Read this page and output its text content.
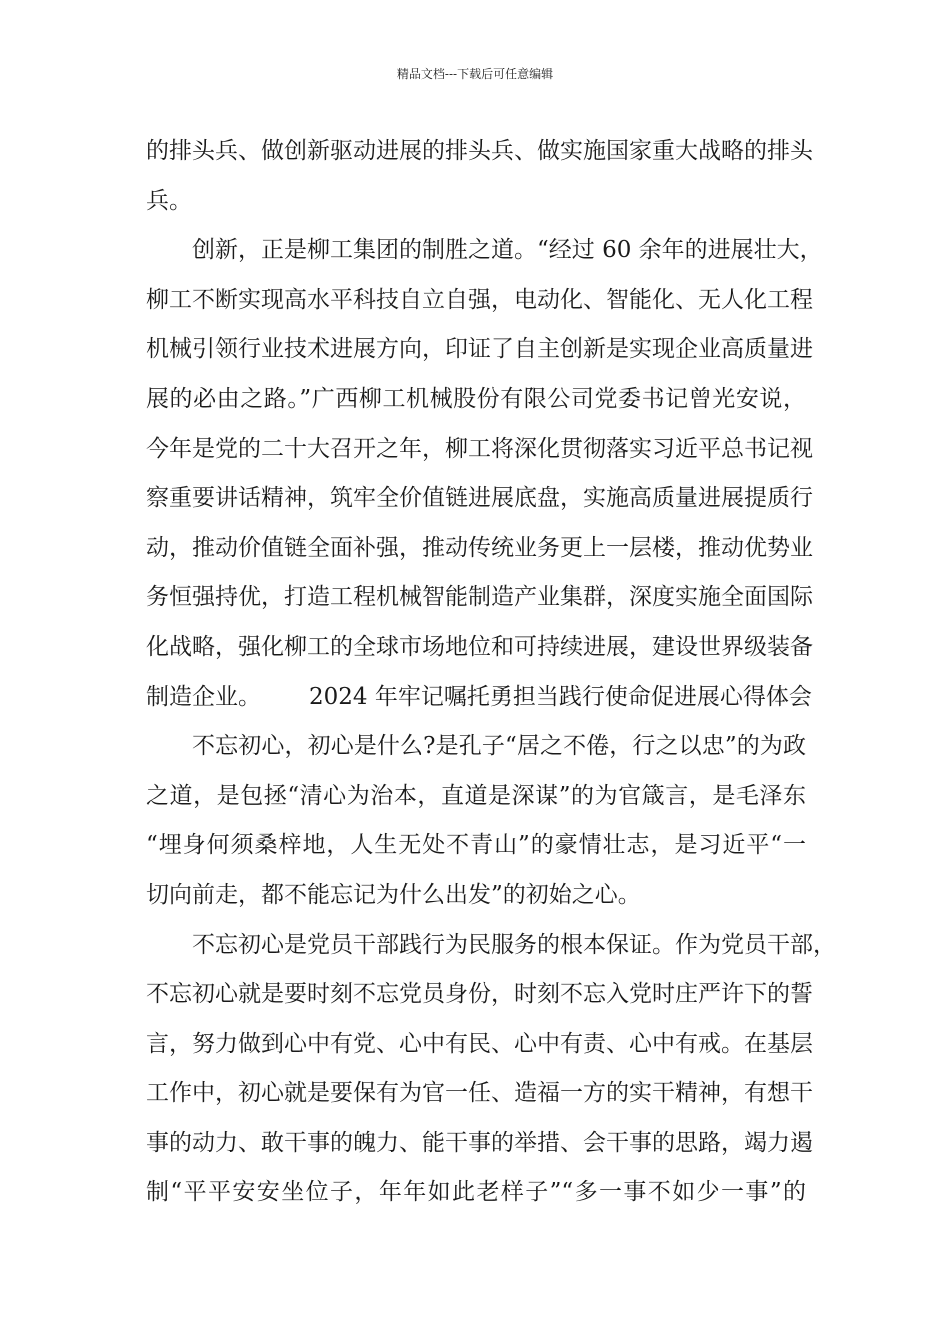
精品文档---下载后可任意编辑
的排头兵、做创新驱动进展的排头兵、做实施国家重大战略的排头
兵。
创新，正是柳工集团的制胜之道。“经过 60 余年的进展壮大，
柳工不断实现高水平科技自立自强，电动化、智能化、无人化工程
机械引领行业技术进展方向，印证了自主创新是实现企业高质量进
展的必由之路。”广西柳工机械股份有限公司党委书记曾光安说，
今年是党的二十大召开之年，柳工将深化贯彻落实习近平总书记视
察重要讲话精神，筑牢全价值链进展底盘，实施高质量进展提质行
动，推动价值链全面补强，推动传统业务更上一层楼，推动优势业
务恒强持优，打造工程机械智能制造产业集群，深度实施全面国际
化战略，强化柳工的全球市场地位和可持续进展，建设世界级装备
制造企业。 2024 年牢记嘱托勇担当践行使命促进展心得体会
不忘初心，初心是什么?是孔子“居之不倦，行之以忠”的为政
之道，是包拯“清心为治本，直道是深谋”的为官箴言，是毛泽东
“埋身何须桑梓地，人生无处不青山”的豪情壮志，是习近平“一
切向前走，都不能忘记为什么出发”的初始之心。
不忘初心是党员干部践行为民服务的根本保证。作为党员干部，
不忘初心就是要时刻不忘党员身份，时刻不忘入党时庄严许下的誓
言，努力做到心中有党、心中有民、心中有责、心中有戒。在基层
工作中，初心就是要保有为官一任、造福一方的实干精神，有想干
事的动力、敢干事的魄力、能干事的举措、会干事的思路，竭力遏
制“平平安安坐位子，年年如此老样子”“多一事不如少一事”的
